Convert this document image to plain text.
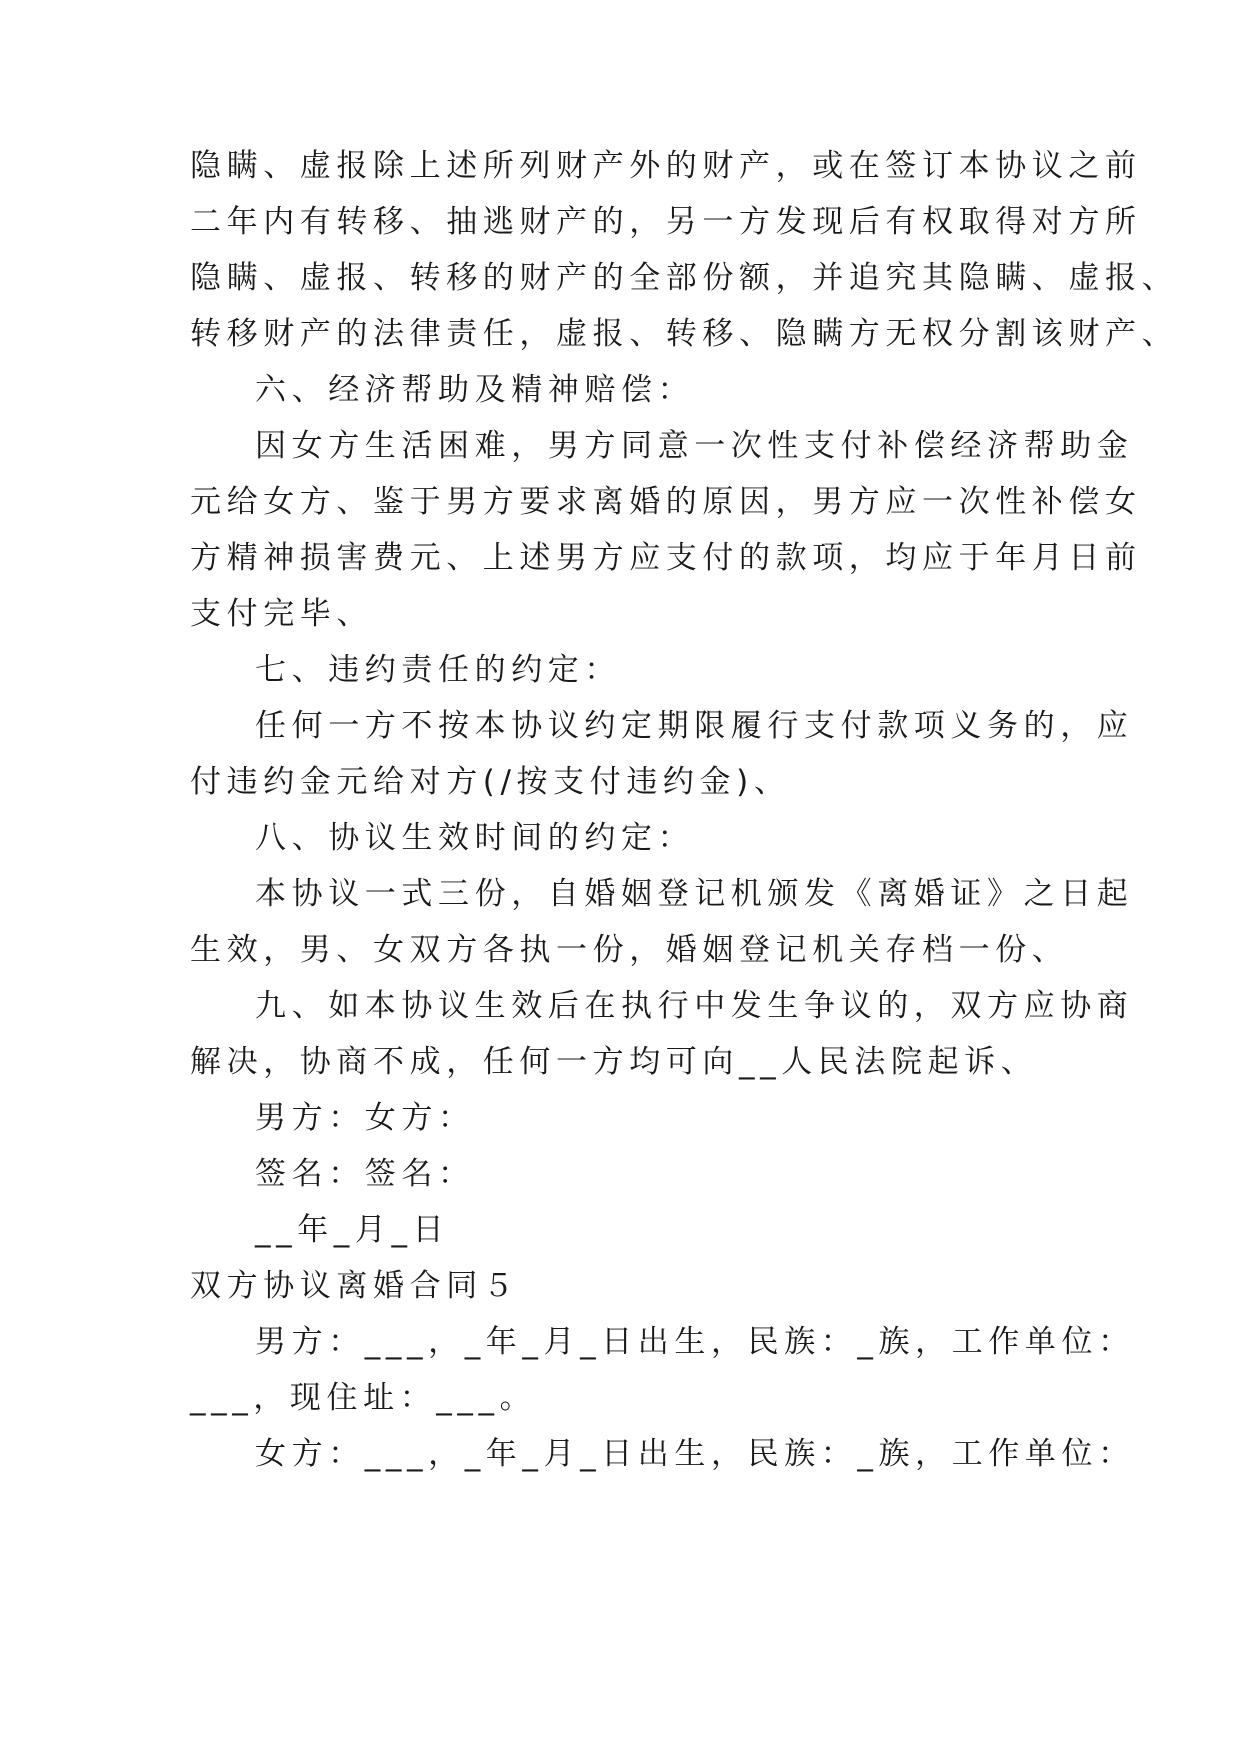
隐瞒、虚报除上述所列财产外的财产，或在签订本协议之前
二年内有转移、抽逃财产的，另一方发现后有权取得对方所
隐瞒、虚报、转移的财产的全部份额，并追究其隐瞒、虚报、
转移财产的法律责任，虚报、转移、隐瞒方无权分割该财产、
六、经济帮助及精神赔偿：
因女方生活困难，男方同意一次性支付补偿经济帮助金
元给女方、鉴于男方要求离婚的原因，男方应一次性补偿女
方精神损害费元、上述男方应支付的款项，均应于年月日前
支付完毕、
七、违约责任的约定：
任何一方不按本协议约定期限履行支付款项义务的，应
付违约金元给对方(/按支付违约金)、
八、协议生效时间的约定：
本协议一式三份，自婚姻登记机颁发《离婚证》之日起
生效，男、女双方各执一份，婚姻登记机关存档一份、
九、如本协议生效后在执行中发生争议的，双方应协商
解决，协商不成，任何一方均可向__人民法院起诉、
男方：女方：
签名：签名：
__年_月_日
双方协议离婚合同５
男方：___，_年_月_日出生，民族：_族，工作单位：
___，现住址：___。
女方：___，_年_月_日出生，民族：_族，工作单位：
